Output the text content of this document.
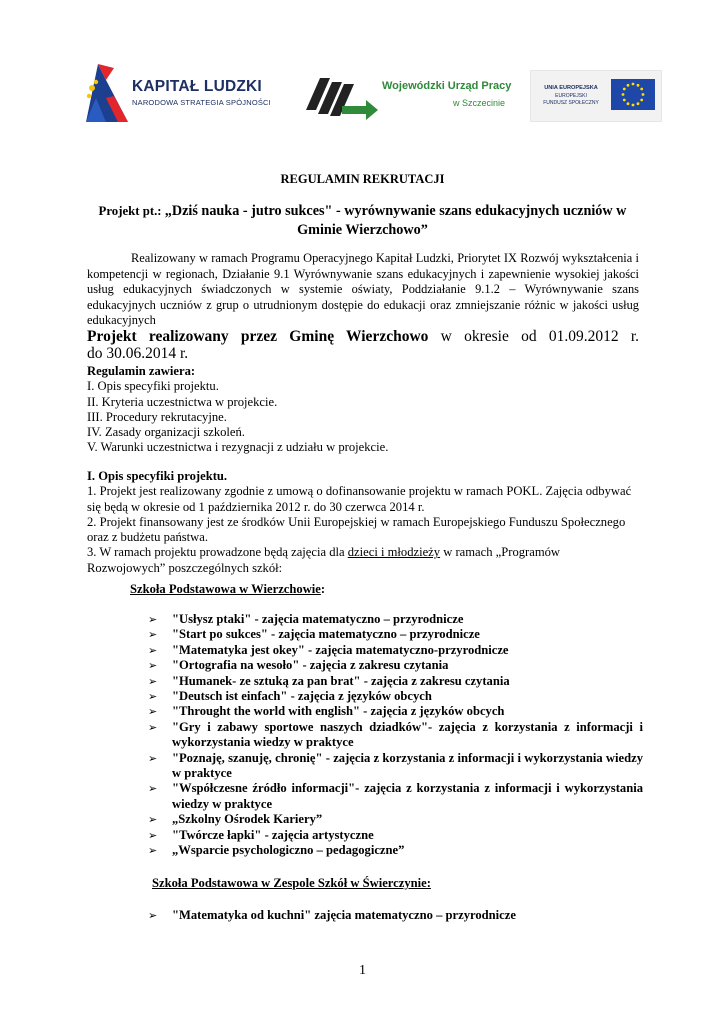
KAPITAŁ LUDZKI
NARODOWA STRATEGIA SPÓJNOŚCI
Wojewódzki Urząd Pracy
w Szczecinie
UNIA EUROPEJSKA
EUROPEJSKI
FUNDUSZ SPOŁECZNY
REGULAMIN REKRUTACJI
Projekt pt.: „Dziś nauka - jutro sukces" - wyrównywanie szans edukacyjnych uczniów w Gminie Wierzchowo”
Realizowany w ramach Programu Operacyjnego Kapitał Ludzki, Priorytet IX Rozwój wykształcenia i kompetencji w regionach, Działanie 9.1 Wyrównywanie szans edukacyjnych i zapewnienie wysokiej jakości usług edukacyjnych świadczonych w systemie oświaty, Poddziałanie 9.1.2 – Wyrównywanie szans edukacyjnych uczniów z grup o utrudnionym dostępie do edukacji oraz zmniejszanie różnic w jakości usług edukacyjnych
Projekt realizowany przez Gminę Wierzchowo w okresie od 01.09.2012 r.
do 30.06.2014 r.
Regulamin zawiera:
I. Opis specyfiki projektu.
II. Kryteria uczestnictwa w projekcie.
III. Procedury rekrutacyjne.
IV. Zasady organizacji szkoleń.
V. Warunki uczestnictwa i rezygnacji z udziału w projekcie.
I. Opis specyfiki projektu.
1. Projekt jest realizowany zgodnie z umową o dofinansowanie projektu w ramach POKL. Zajęcia odbywać się będą w okresie od 1 października 2012 r. do 30 czerwca 2014 r.
2. Projekt finansowany jest ze środków Unii Europejskiej w ramach Europejskiego Funduszu Społecznego oraz z budżetu państwa.
3. W ramach projektu prowadzone będą zajęcia dla dzieci i młodzieży w ramach „Programów Rozwojowych” poszczególnych szkół:
Szkoła Podstawowa w Wierzchowie:
➢ "Usłysz ptaki" - zajęcia matematyczno – przyrodnicze
➢ "Start po sukces" - zajęcia matematyczno – przyrodnicze
➢ "Matematyka jest okey" - zajęcia matematyczno-przyrodnicze
➢ "Ortografia na wesoło" - zajęcia z zakresu czytania
➢ "Humanek- ze sztuką za pan brat" - zajęcia z zakresu czytania
➢ "Deutsch ist einfach" - zajęcia z języków obcych
➢ "Throught the world with english" - zajęcia z języków obcych
➢ "Gry i zabawy sportowe naszych dziadków"- zajęcia z korzystania z informacji i wykorzystania wiedzy w praktyce
➢ "Poznaję, szanuję, chronię" - zajęcia z korzystania z informacji i wykorzystania wiedzy w praktyce
➢ "Współczesne źródło informacji"- zajęcia z korzystania z informacji i wykorzystania wiedzy w praktyce
➢ „Szkolny Ośrodek Kariery”
➢ "Twórcze łapki" - zajęcia artystyczne
➢ „Wsparcie psychologiczno – pedagogiczne”
Szkoła Podstawowa w Zespole Szkół w Świerczynie:
➢ "Matematyka od kuchni" zajęcia matematyczno – przyrodnicze
1
